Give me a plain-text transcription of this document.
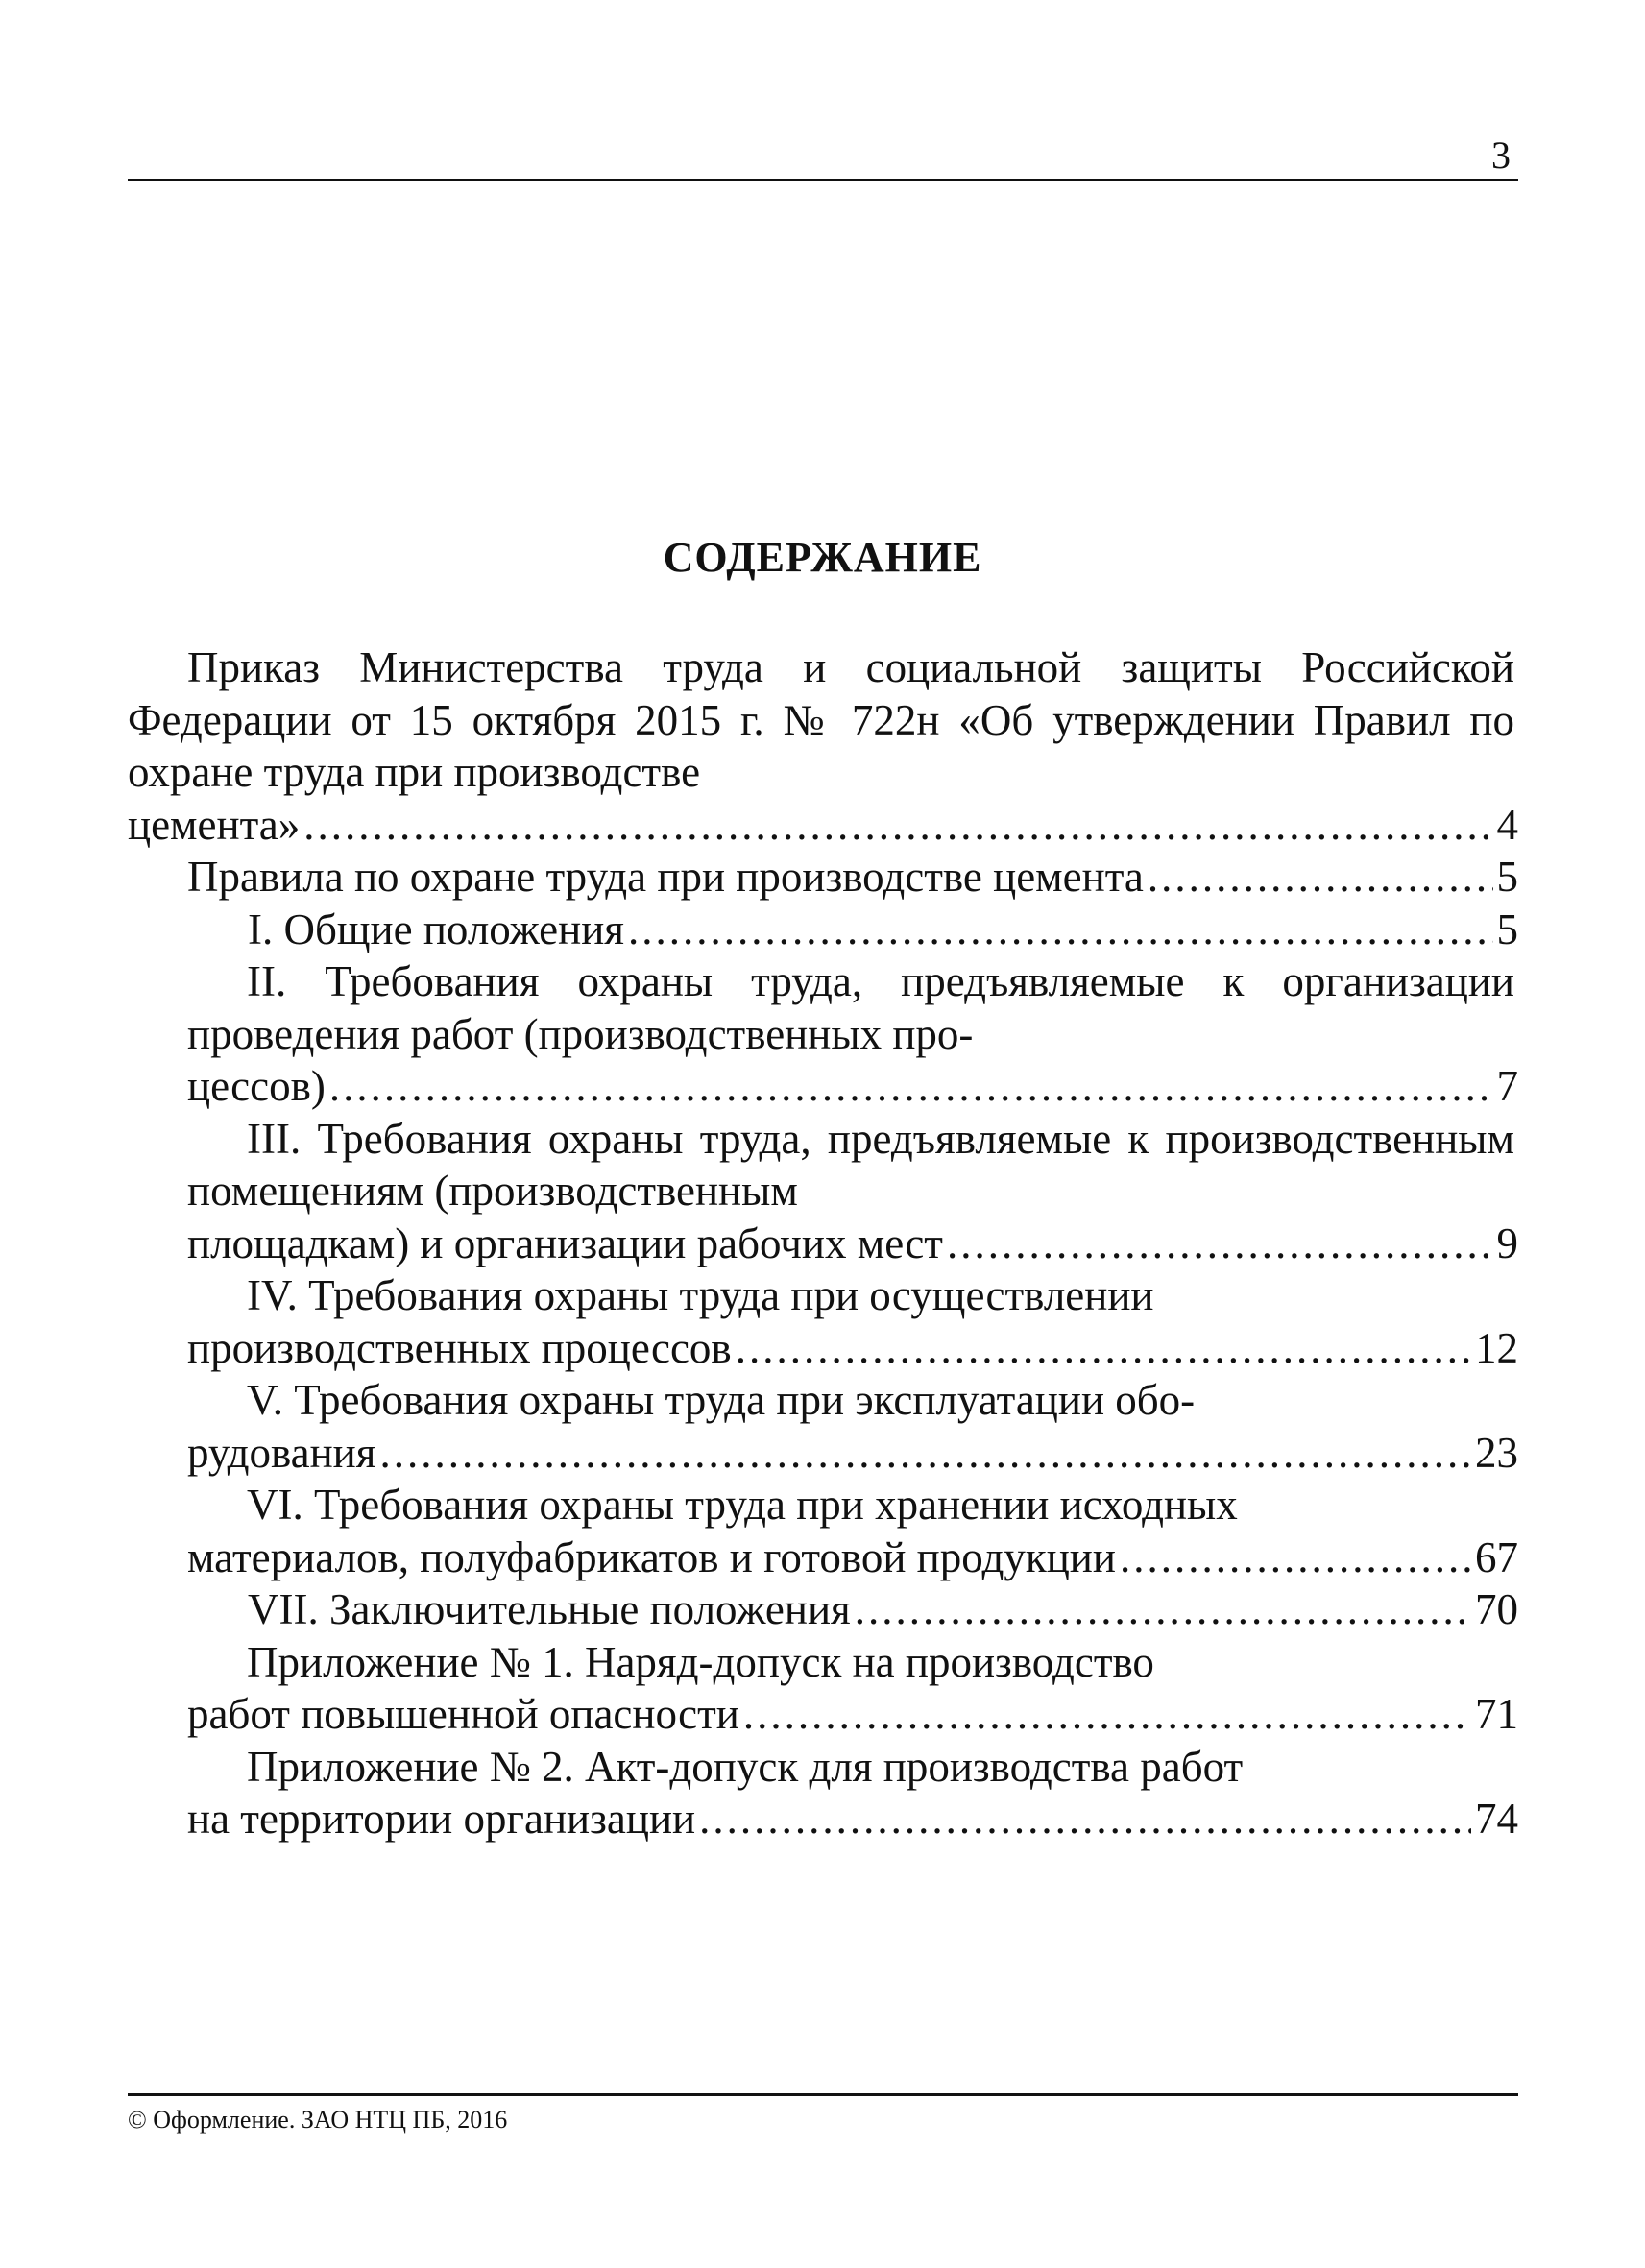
3
СОДЕРЖАНИЕ
Приказ Министерства труда и социальной защиты Российской Федерации от 15 октября 2015 г. № 722н «Об утверждении Правил по охране труда при производстве
цемента» .....	4
Правила по охране труда при производстве цемента .....	5
I. Общие положения .....	5
II. Требования охраны труда, предъявляемые к организации проведения работ (производственных про-
цессов) .....	7
III. Требования охраны труда, предъявляемые к производственным помещениям (производственным
площадкам) и организации рабочих мест .....	9
IV. Требования охраны труда при осуществлении
производственных процессов .....	12
V. Требования охраны труда при эксплуатации обо-
рудования .....	23
VI. Требования охраны труда при хранении исходных
материалов, полуфабрикатов и готовой продукции .....	67
VII. Заключительные положения .....	70
Приложение № 1. Наряд-допуск на производство
работ повышенной опасности .....	71
Приложение № 2. Акт-допуск для производства работ
на территории организации .....	74
© Оформление. ЗАО НТЦ ПБ, 2016
